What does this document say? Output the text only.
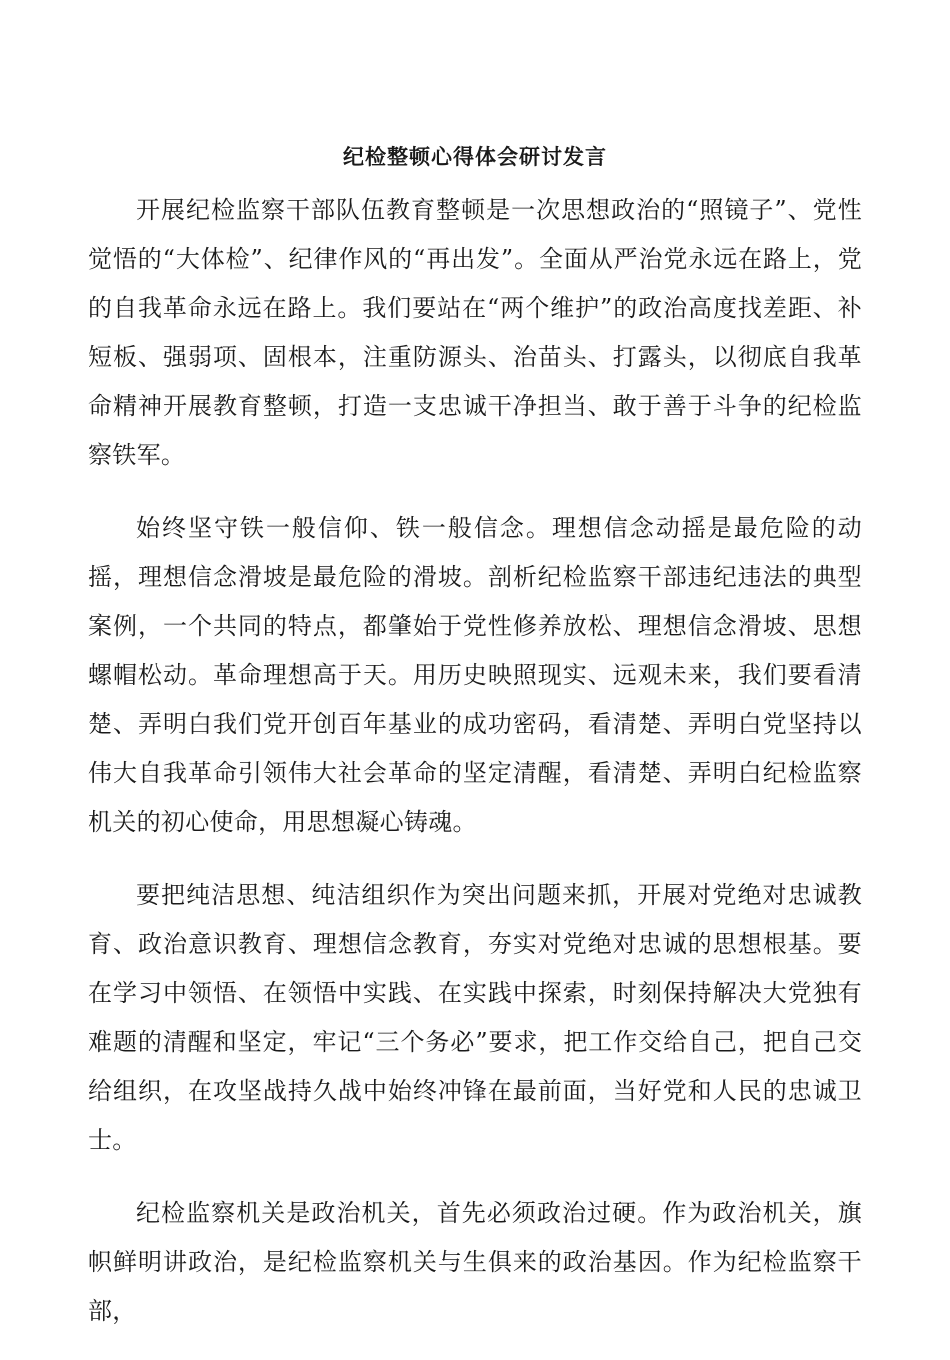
纪检整顿心得体会研讨发言

开展纪检监察干部队伍教育整顿是一次思想政治的“照镜子”、党性觉悟的“大体检”、纪律作风的“再出发”。全面从严治党永远在路上，党的自我革命永远在路上。我们要站在“两个维护”的政治高度找差距、补短板、强弱项、固根本，注重防源头、治苗头、打露头，以彻底自我革命精神开展教育整顿，打造一支忠诚干净担当、敢于善于斗争的纪检监察铁军。

始终坚守铁一般信仰、铁一般信念。理想信念动摇是最危险的动摇，理想信念滑坡是最危险的滑坡。剖析纪检监察干部违纪违法的典型案例，一个共同的特点，都肇始于党性修养放松、理想信念滑坡、思想螺帽松动。革命理想高于天。用历史映照现实、远观未来，我们要看清楚、弄明白我们党开创百年基业的成功密码，看清楚、弄明白党坚持以伟大自我革命引领伟大社会革命的坚定清醒，看清楚、弄明白纪检监察机关的初心使命，用思想凝心铸魂。

要把纯洁思想、纯洁组织作为突出问题来抓，开展对党绝对忠诚教育、政治意识教育、理想信念教育，夯实对党绝对忠诚的思想根基。要在学习中领悟、在领悟中实践、在实践中探索，时刻保持解决大党独有难题的清醒和坚定，牢记“三个务必”要求，把工作交给自己，把自己交给组织，在攻坚战持久战中始终冲锋在最前面，当好党和人民的忠诚卫士。

纪检监察机关是政治机关，首先必须政治过硬。作为政治机关，旗帜鲜明讲政治，是纪检监察机关与生俱来的政治基因。作为纪检监察干部，
